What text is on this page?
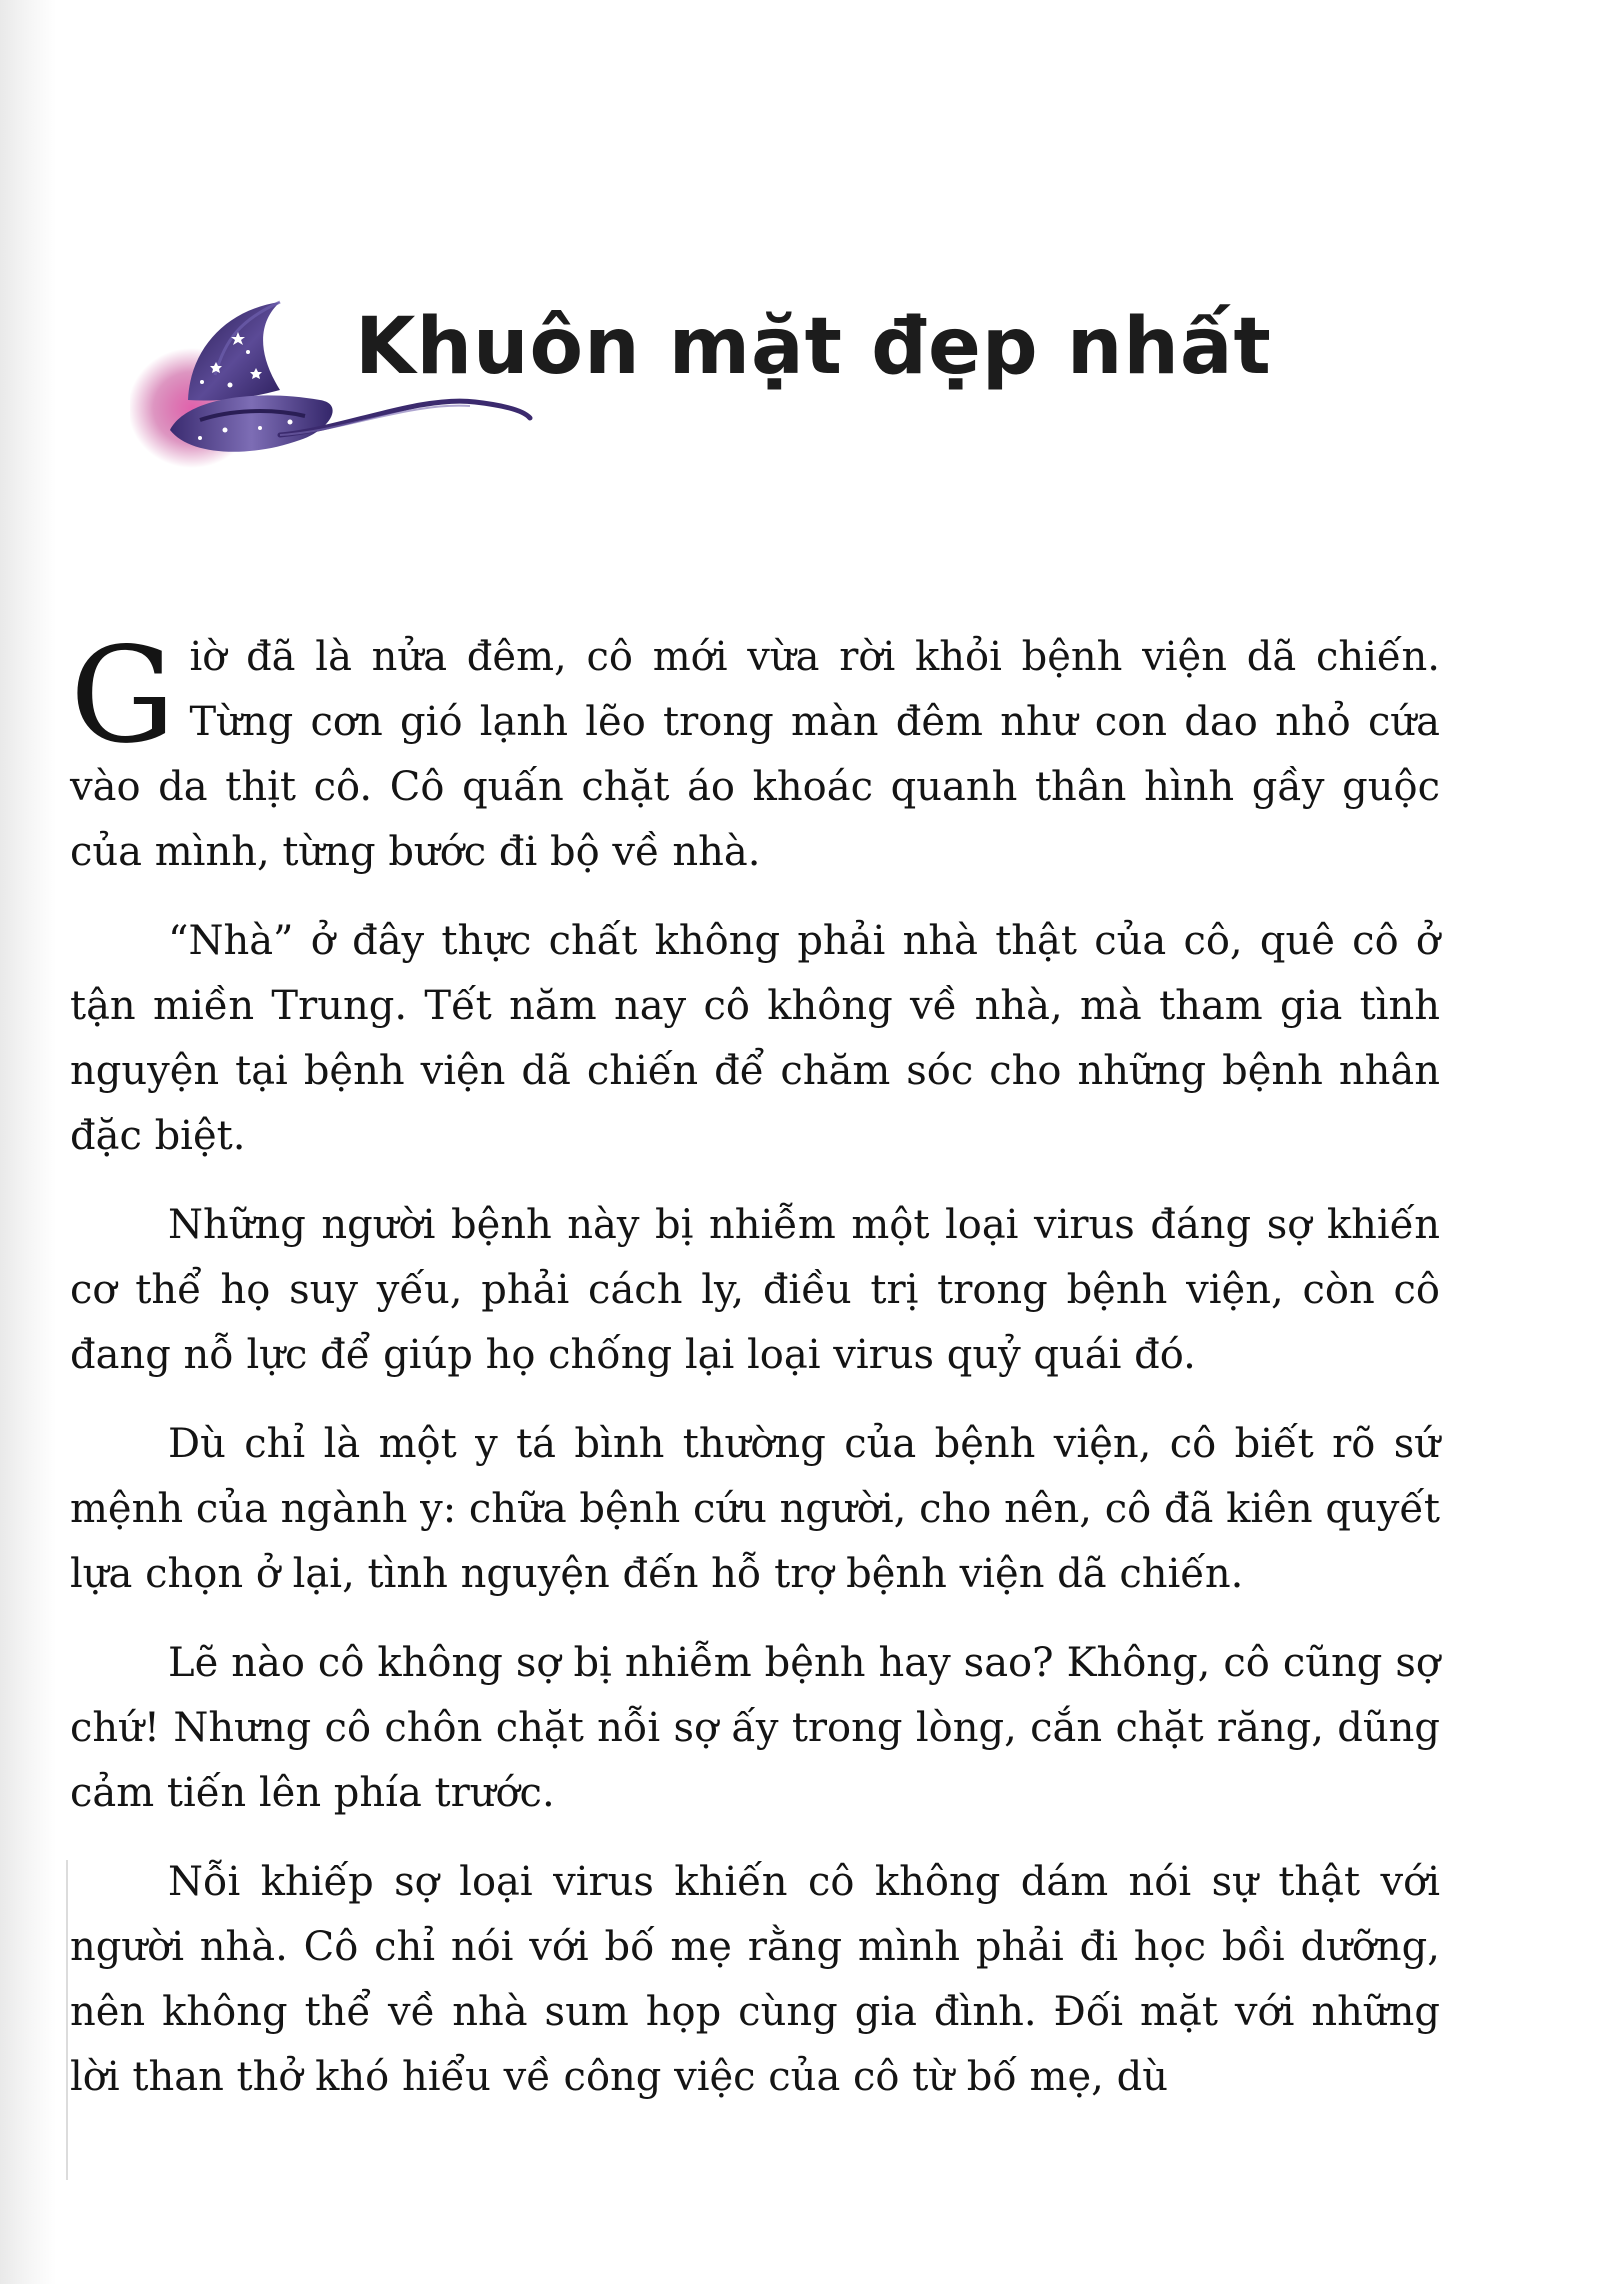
Khuôn mặt đẹp nhất

Giờ đã là nửa đêm, cô mới vừa rời khỏi bệnh viện dã chiến. Từng cơn gió lạnh lẽo trong màn đêm như con dao nhỏ cứa vào da thịt cô. Cô quấn chặt áo khoác quanh thân hình gầy guộc của mình, từng bước đi bộ về nhà.

“Nhà” ở đây thực chất không phải nhà thật của cô, quê cô ở tận miền Trung. Tết năm nay cô không về nhà, mà tham gia tình nguyện tại bệnh viện dã chiến để chăm sóc cho những bệnh nhân đặc biệt.

Những người bệnh này bị nhiễm một loại virus đáng sợ khiến cơ thể họ suy yếu, phải cách ly, điều trị trong bệnh viện, còn cô đang nỗ lực để giúp họ chống lại loại virus quỷ quái đó.

Dù chỉ là một y tá bình thường của bệnh viện, cô biết rõ sứ mệnh của ngành y: chữa bệnh cứu người, cho nên, cô đã kiên quyết lựa chọn ở lại, tình nguyện đến hỗ trợ bệnh viện dã chiến.

Lẽ nào cô không sợ bị nhiễm bệnh hay sao? Không, cô cũng sợ chứ! Nhưng cô chôn chặt nỗi sợ ấy trong lòng, cắn chặt răng, dũng cảm tiến lên phía trước.

Nỗi khiếp sợ loại virus khiến cô không dám nói sự thật với người nhà. Cô chỉ nói với bố mẹ rằng mình phải đi học bồi dưỡng, nên không thể về nhà sum họp cùng gia đình. Đối mặt với những lời than thở khó hiểu về công việc của cô từ bố mẹ, dù
